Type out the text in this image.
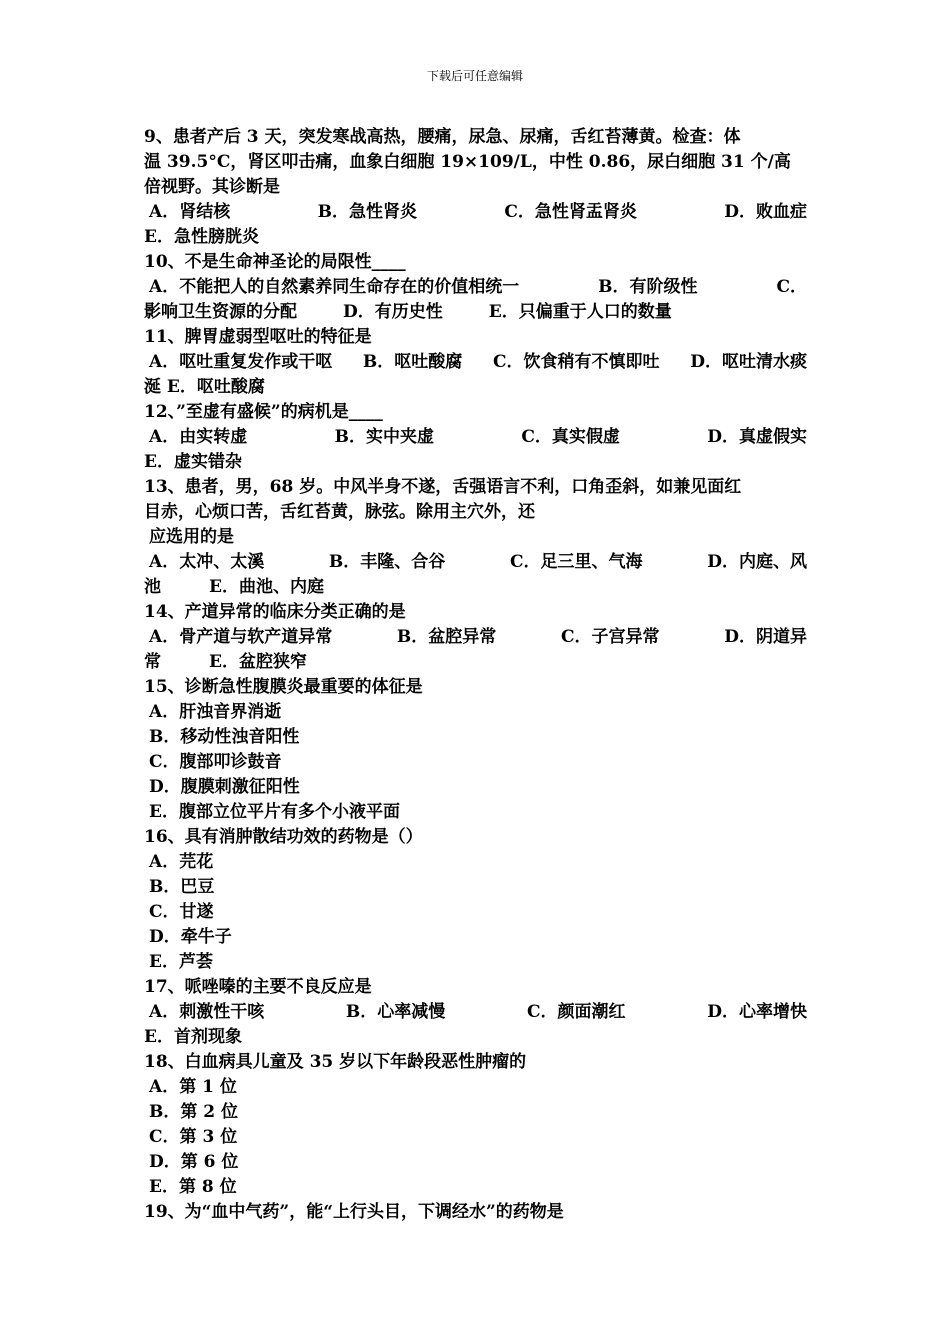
下载后可任意编辑
9、患者产后 3 天，突发寒战高热，腰痛，尿急、尿痛，舌红苔薄黄。检查：体
温 39.5°C，肾区叩击痛，血象白细胞 19×109/L，中性 0.86，尿白细胞 31 个/高
倍视野。其诊断是
A．肾结核	B．急性肾炎	C．急性肾盂肾炎	D．败血症
E．急性膀胱炎
10、不是生命神圣论的局限性____
A．不能把人的自然素养同生命存在的价值相统一	B．有阶级性	C．
影响卫生资源的分配	D．有历史性	E．只偏重于人口的数量
11、脾胃虚弱型呕吐的特征是
A．呕吐重复发作或干呕 B．呕吐酸腐 C．饮食稍有不慎即吐 D．呕吐清水痰
涎 E．呕吐酸腐
12、”至虚有盛候”的病机是____
A．由实转虚	B．实中夹虚	C．真实假虚	D．真虚假实
E．虚实错杂
13、患者，男，68 岁。中风半身不遂，舌强语言不利，口角歪斜，如兼见面红
目赤，心烦口苦，舌红苔黄，脉弦。除用主穴外，还
应选用的是
A．太冲、太溪	B．丰隆、合谷	C．足三里、气海	D．内庭、风
池	E．曲池、内庭
14、产道异常的临床分类正确的是
A．骨产道与软产道异常	B．盆腔异常	C．子宫异常	D．阴道异
常	E．盆腔狭窄
15、诊断急性腹膜炎最重要的体征是
A．肝浊音界消逝
B．移动性浊音阳性
C．腹部叩诊鼓音
D．腹膜刺激征阳性
E．腹部立位平片有多个小液平面
16、具有消肿散结功效的药物是（）
A．芫花
B．巴豆
C．甘遂
D．牵牛子
E．芦荟
17、哌唑嗪的主要不良反应是
A．刺激性干咳	B．心率减慢	C．颜面潮红	D．心率增快
E．首剂现象
18、白血病具儿童及 35 岁以下年龄段恶性肿瘤的
A．第 1 位
B．第 2 位
C．第 3 位
D．第 6 位
E．第 8 位
19、为“血中气药”，能“上行头目，下调经水”的药物是
